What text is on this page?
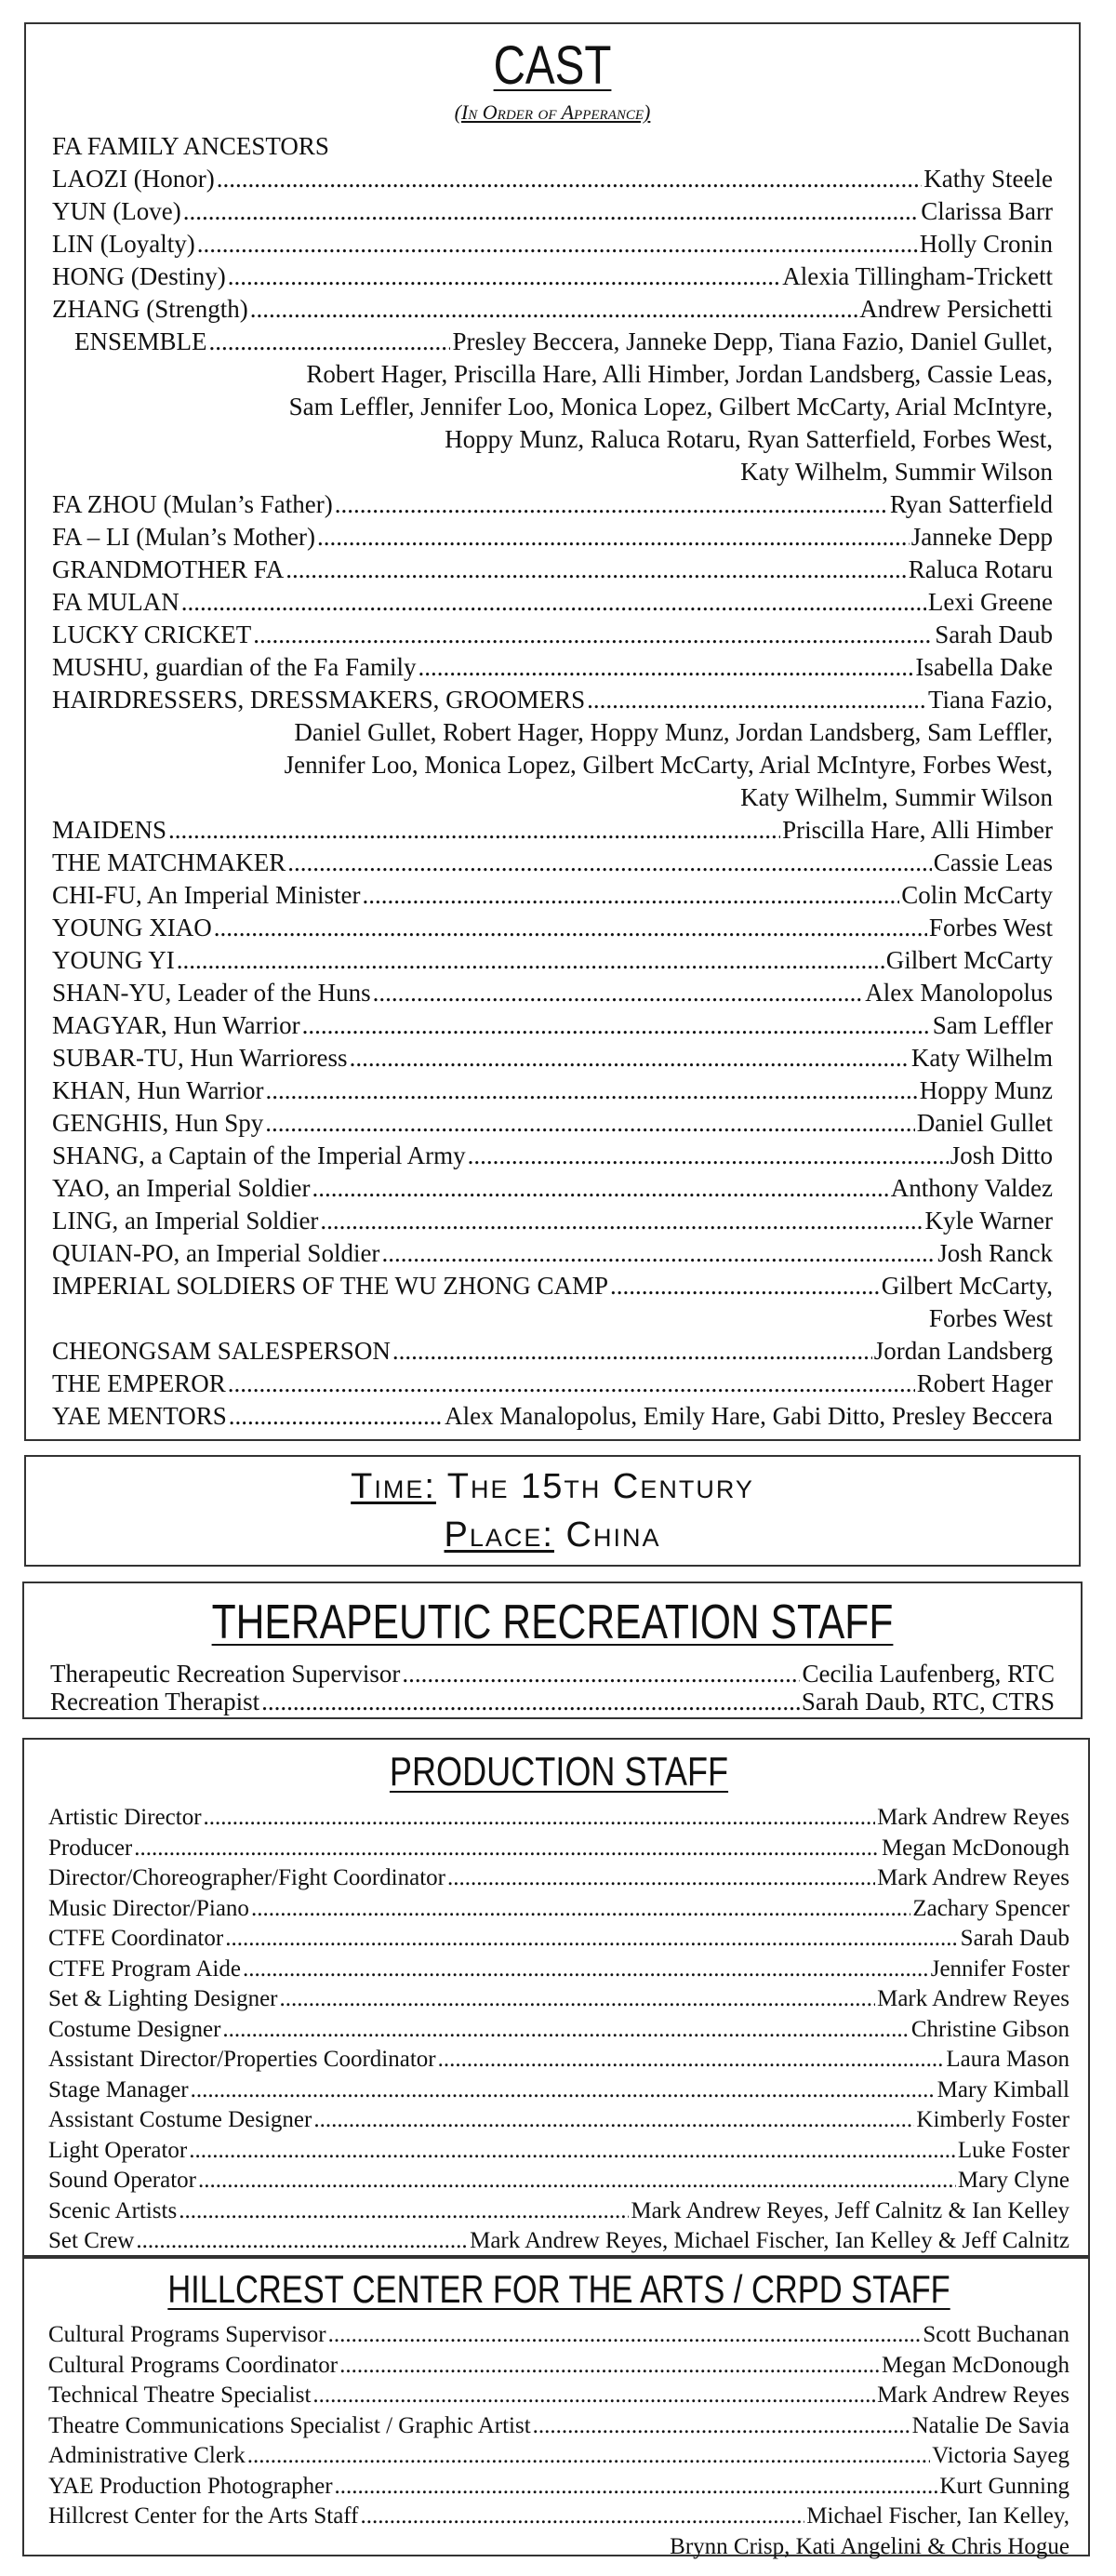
CAST
(In Order of Apperance)
FA FAMILY ANCESTORS
LAOZI (Honor) .....	Kathy Steele
YUN (Love) .....	Clarissa Barr
LIN (Loyalty) .....	Holly Cronin
HONG (Destiny) .....	Alexia Tillingham-Trickett
ZHANG (Strength) .....	Andrew Persichetti
ENSEMBLE .....	Presley Beccera, Janneke Depp, Tiana Fazio, Daniel Gullet,
Robert Hager, Priscilla Hare, Alli Himber, Jordan Landsberg, Cassie Leas,
Sam Leffler, Jennifer Loo, Monica Lopez, Gilbert McCarty, Arial McIntyre,
Hoppy Munz, Raluca Rotaru, Ryan Satterfield, Forbes West,
Katy Wilhelm, Summir Wilson
FA ZHOU (Mulan’s Father) .....	Ryan Satterfield
FA – LI (Mulan’s Mother) .....	Janneke Depp
GRANDMOTHER FA .....	Raluca Rotaru
FA MULAN .....	Lexi Greene
LUCKY CRICKET .....	Sarah Daub
MUSHU, guardian of the Fa Family .....	Isabella Dake
HAIRDRESSERS, DRESSMAKERS, GROOMERS .....	Tiana Fazio,
Daniel Gullet, Robert Hager, Hoppy Munz, Jordan Landsberg, Sam Leffler,
Jennifer Loo, Monica Lopez, Gilbert McCarty, Arial McIntyre, Forbes West,
Katy Wilhelm, Summir Wilson
MAIDENS .....	Priscilla Hare, Alli Himber
THE MATCHMAKER .....	Cassie Leas
CHI-FU, An Imperial Minister .....	Colin McCarty
YOUNG XIAO .....	Forbes West
YOUNG YI .....	Gilbert McCarty
SHAN-YU, Leader of the Huns .....	Alex Manolopolus
MAGYAR, Hun Warrior .....	Sam Leffler
SUBAR-TU, Hun Warrioress .....	Katy Wilhelm
KHAN, Hun Warrior .....	Hoppy Munz
GENGHIS, Hun Spy .....	Daniel Gullet
SHANG, a Captain of the Imperial Army .....	Josh Ditto
YAO, an Imperial Soldier .....	Anthony Valdez
LING, an Imperial Soldier .....	Kyle Warner
QUIAN-PO, an Imperial Soldier .....	Josh Ranck
IMPERIAL SOLDIERS OF THE WU ZHONG CAMP .....	Gilbert McCarty,
Forbes West
CHEONGSAM SALESPERSON .....	Jordan Landsberg
THE EMPEROR .....	Robert Hager
YAE MENTORS .....	Alex Manalopolus, Emily Hare, Gabi Ditto, Presley Beccera
Time: The 15th Century
Place: China
THERAPEUTIC RECREATION STAFF
Therapeutic Recreation Supervisor .....	Cecilia Laufenberg, RTC
Recreation Therapist .....	Sarah Daub, RTC, CTRS
PRODUCTION STAFF
Artistic Director .....	Mark Andrew Reyes
Producer .....	Megan McDonough
Director/Choreographer/Fight Coordinator .....	Mark Andrew Reyes
Music Director/Piano .....	Zachary Spencer
CTFE Coordinator .....	Sarah Daub
CTFE Program Aide .....	Jennifer Foster
Set & Lighting Designer .....	Mark Andrew Reyes
Costume Designer .....	Christine Gibson
Assistant Director/Properties Coordinator .....	Laura Mason
Stage Manager .....	Mary Kimball
Assistant Costume Designer .....	Kimberly Foster
Light Operator .....	Luke Foster
Sound Operator .....	Mary Clyne
Scenic Artists .....	Mark Andrew Reyes, Jeff Calnitz & Ian Kelley
Set Crew .....	Mark Andrew Reyes, Michael Fischer, Ian Kelley & Jeff Calnitz
HILLCREST CENTER FOR THE ARTS / CRPD STAFF
Cultural Programs Supervisor .....	Scott Buchanan
Cultural Programs Coordinator .....	Megan McDonough
Technical Theatre Specialist .....	Mark Andrew Reyes
Theatre Communications Specialist / Graphic Artist .....	Natalie De Savia
Administrative Clerk .....	Victoria Sayeg
YAE Production Photographer .....	Kurt Gunning
Hillcrest Center for the Arts Staff .....	Michael Fischer, Ian Kelley,
Brynn Crisp, Kati Angelini & Chris Hogue
